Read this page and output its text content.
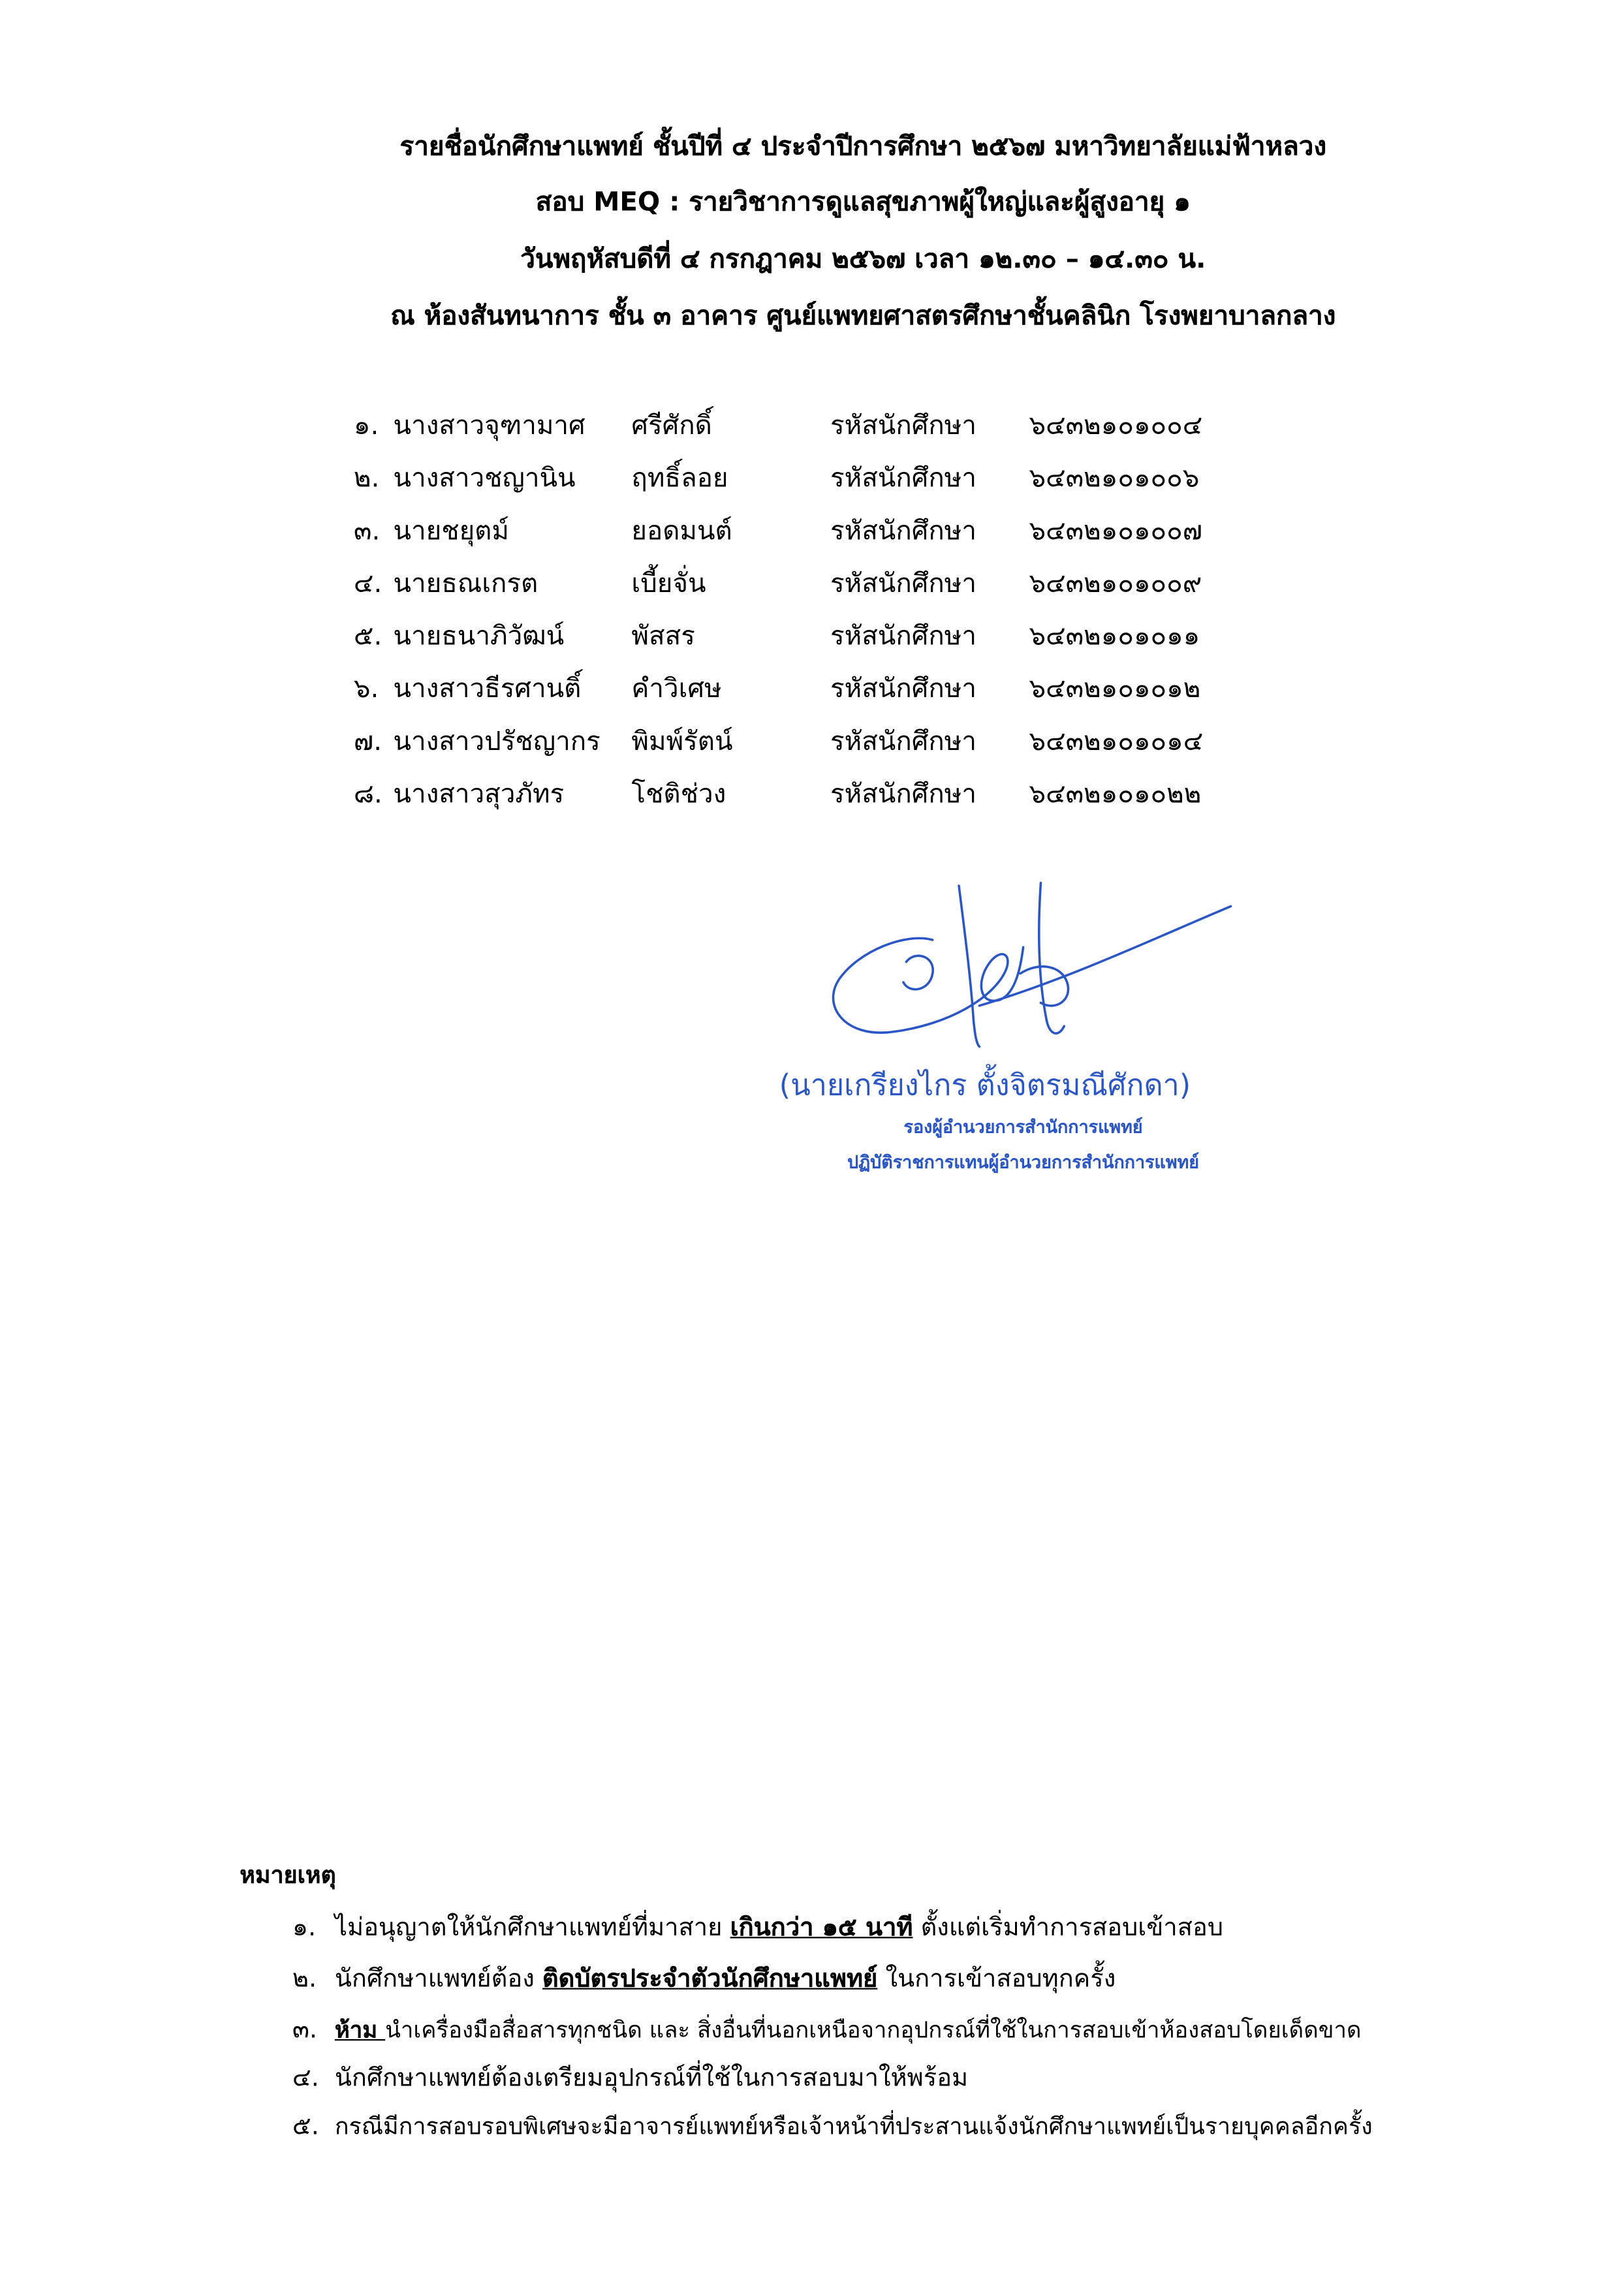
รายชื่อนักศึกษาแพทย์ ชั้นปีที่ ๔ ประจำปีการศึกษา ๒๕๖๗ มหาวิทยาลัยแม่ฟ้าหลวง
สอบ MEQ : รายวิชาการดูแลสุขภาพผู้ใหญ่และผู้สูงอายุ ๑
วันพฤหัสบดีที่ ๔ กรกฎาคม ๒๕๖๗ เวลา ๑๒.๓๐ – ๑๔.๓๐ น.
ณ ห้องสันทนาการ ชั้น ๓ อาคาร ศูนย์แพทยศาสตรศึกษาชั้นคลินิก โรงพยาบาลกลาง
๑. นางสาวจุฑามาศ	ศรีศักดิ์	รหัสนักศึกษา	๖๔๓๒๑๐๑๐๐๔
๒. นางสาวชญานิน	ฤทธิ์ลอย	รหัสนักศึกษา	๖๔๓๒๑๐๑๐๐๖
๓. นายชยุตม์	ยอดมนต์	รหัสนักศึกษา	๖๔๓๒๑๐๑๐๐๗
๔. นายธณเกรต	เบี้ยจั่น	รหัสนักศึกษา	๖๔๓๒๑๐๑๐๐๙
๕. นายธนาภิวัฒน์	พัสสร	รหัสนักศึกษา	๖๔๓๒๑๐๑๐๑๑
๖. นางสาวธีรศานติ์	คำวิเศษ	รหัสนักศึกษา	๖๔๓๒๑๐๑๐๑๒
๗. นางสาวปรัชญากร	พิมพ์รัตน์	รหัสนักศึกษา	๖๔๓๒๑๐๑๐๑๔
๘. นางสาวสุวภัทร	โชติช่วง	รหัสนักศึกษา	๖๔๓๒๑๐๑๐๒๒
(นายเกรียงไกร ตั้งจิตรมณีศักดา)
รองผู้อำนวยการสำนักการแพทย์
ปฏิบัติราชการแทนผู้อำนวยการสำนักการแพทย์
หมายเหตุ
๑. ไม่อนุญาตให้นักศึกษาแพทย์ที่มาสาย เกินกว่า ๑๕ นาที ตั้งแต่เริ่มทำการสอบเข้าสอบ
๒. นักศึกษาแพทย์ต้อง ติดบัตรประจำตัวนักศึกษาแพทย์ ในการเข้าสอบทุกครั้ง
๓. ห้าม นำเครื่องมือสื่อสารทุกชนิด และ สิ่งอื่นที่นอกเหนือจากอุปกรณ์ที่ใช้ในการสอบเข้าห้องสอบโดยเด็ดขาด
๔. นักศึกษาแพทย์ต้องเตรียมอุปกรณ์ที่ใช้ในการสอบมาให้พร้อม
๕. กรณีมีการสอบรอบพิเศษจะมีอาจารย์แพทย์หรือเจ้าหน้าที่ประสานแจ้งนักศึกษาแพทย์เป็นรายบุคคลอีกครั้ง
